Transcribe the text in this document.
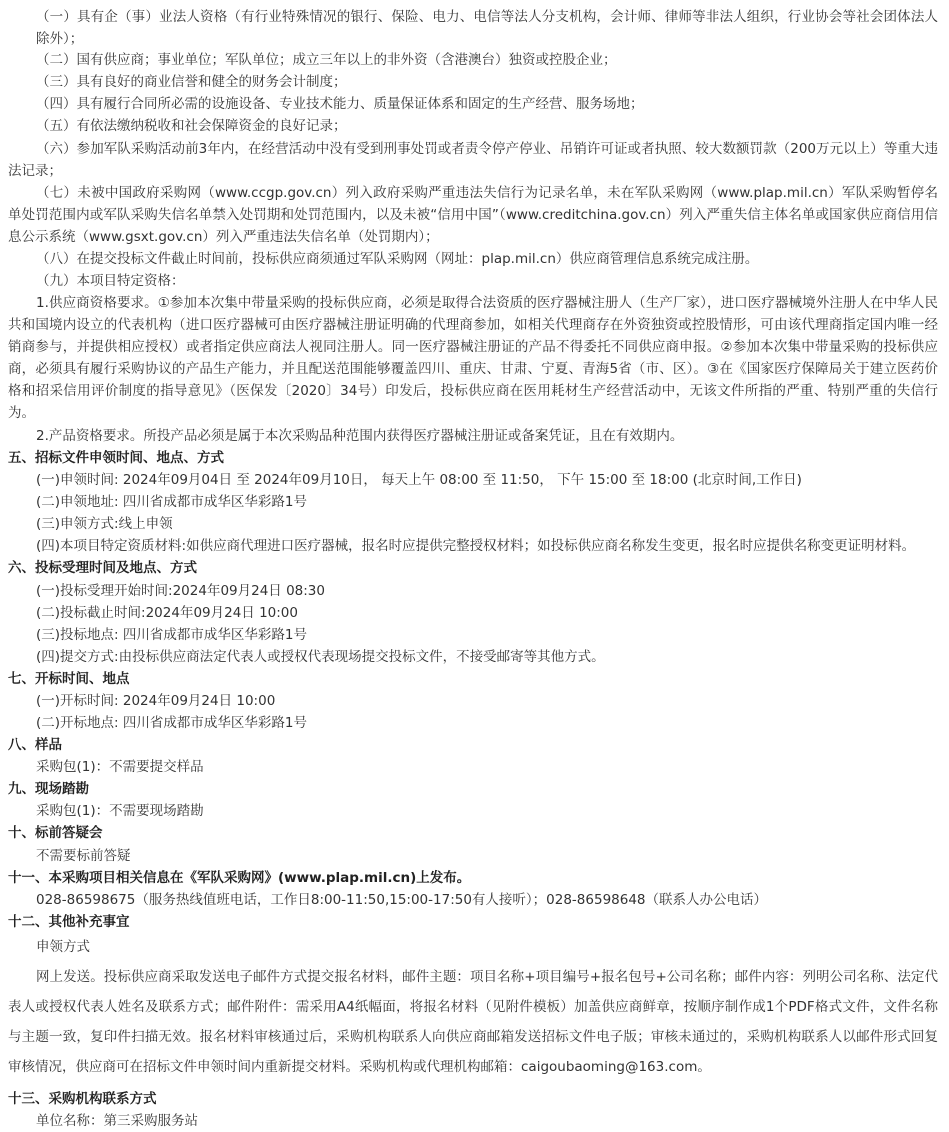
（一）具有企（事）业法人资格（有行业特殊情况的银行、保险、电力、电信等法人分支机构，会计师、律师等非法人组织，行业协会等社会团体法人除外）；

（二）国有供应商；事业单位；军队单位；成立三年以上的非外资（含港澳台）独资或控股企业；

（三）具有良好的商业信誉和健全的财务会计制度；

（四）具有履行合同所必需的设施设备、专业技术能力、质量保证体系和固定的生产经营、服务场地；

（五）有依法缴纳税收和社会保障资金的良好记录；

（六）参加军队采购活动前3年内，在经营活动中没有受到刑事处罚或者责令停产停业、吊销许可证或者执照、较大数额罚款（200万元以上）等重大违法记录；

（七）未被中国政府采购网（www.ccgp.gov.cn）列入政府采购严重违法失信行为记录名单，未在军队采购网（www.plap.mil.cn）军队采购暂停名单处罚范围内或军队采购失信名单禁入处罚期和处罚范围内，以及未被“信用中国”（www.creditchina.gov.cn）列入严重失信主体名单或国家供应商信用信息公示系统（www.gsxt.gov.cn）列入严重违法失信名单（处罚期内）；

（八）在提交投标文件截止时间前，投标供应商须通过军队采购网（网址：plap.mil.cn）供应商管理信息系统完成注册。

（九）本项目特定资格：

1.供应商资格要求。①参加本次集中带量采购的投标供应商，必须是取得合法资质的医疗器械注册人（生产厂家），进口医疗器械境外注册人在中华人民共和国境内设立的代表机构（进口医疗器械可由医疗器械注册证明确的代理商参加，如相关代理商存在外资独资或控股情形，可由该代理商指定国内唯一经销商参与，并提供相应授权）或者指定供应商法人视同注册人。同一医疗器械注册证的产品不得委托不同供应商申报。②参加本次集中带量采购的投标供应商，必须具有履行采购协议的产品生产能力，并且配送范围能够覆盖四川、重庆、甘肃、宁夏、青海5省（市、区）。③在《国家医疗保障局关于建立医药价格和招采信用评价制度的指导意见》（医保发〔2020〕34号）印发后，投标供应商在医用耗材生产经营活动中，无该文件所指的严重、特别严重的失信行为。

2.产品资格要求。所投产品必须是属于本次采购品种范围内获得医疗器械注册证或备案凭证，且在有效期内。

五、招标文件申领时间、地点、方式

(一)申领时间: 2024年09月04日 至 2024年09月10日， 每天上午 08:00 至 11:50， 下午 15:00 至 18:00 (北京时间,工作日)

(二)申领地址: 四川省成都市成华区华彩路1号

(三)申领方式:线上申领

(四)本项目特定资质材料:如供应商代理进口医疗器械，报名时应提供完整授权材料；如投标供应商名称发生变更，报名时应提供名称变更证明材料。

六、投标受理时间及地点、方式

(一)投标受理开始时间:2024年09月24日 08:30

(二)投标截止时间:2024年09月24日 10:00

(三)投标地点: 四川省成都市成华区华彩路1号

(四)提交方式:由投标供应商法定代表人或授权代表现场提交投标文件，不接受邮寄等其他方式。

七、开标时间、地点

(一)开标时间: 2024年09月24日 10:00

(二)开标地点: 四川省成都市成华区华彩路1号

八、样品

采购包(1)：不需要提交样品

九、现场踏勘

采购包(1)：不需要现场踏勘

十、标前答疑会

不需要标前答疑

十一、本采购项目相关信息在《军队采购网》(www.plap.mil.cn)上发布。

028-86598675（服务热线值班电话，工作日8:00-11:50,15:00-17:50有人接听）；028-86598648（联系人办公电话）

十二、其他补充事宜

申领方式

网上发送。投标供应商采取发送电子邮件方式提交报名材料，邮件主题：项目名称+项目编号+报名包号+公司名称；邮件内容：列明公司名称、法定代表人或授权代表人姓名及联系方式；邮件附件：需采用A4纸幅面，将报名材料（见附件模板）加盖供应商鲜章，按顺序制作成1个PDF格式文件，文件名称与主题一致，复印件扫描无效。报名材料审核通过后，采购机构联系人向供应商邮箱发送招标文件电子版；审核未通过的，采购机构联系人以邮件形式回复审核情况，供应商可在招标文件申领时间内重新提交材料。采购机构或代理机构邮箱：caigoubaoming@163.com。

十三、采购机构联系方式

单位名称：第三采购服务站
